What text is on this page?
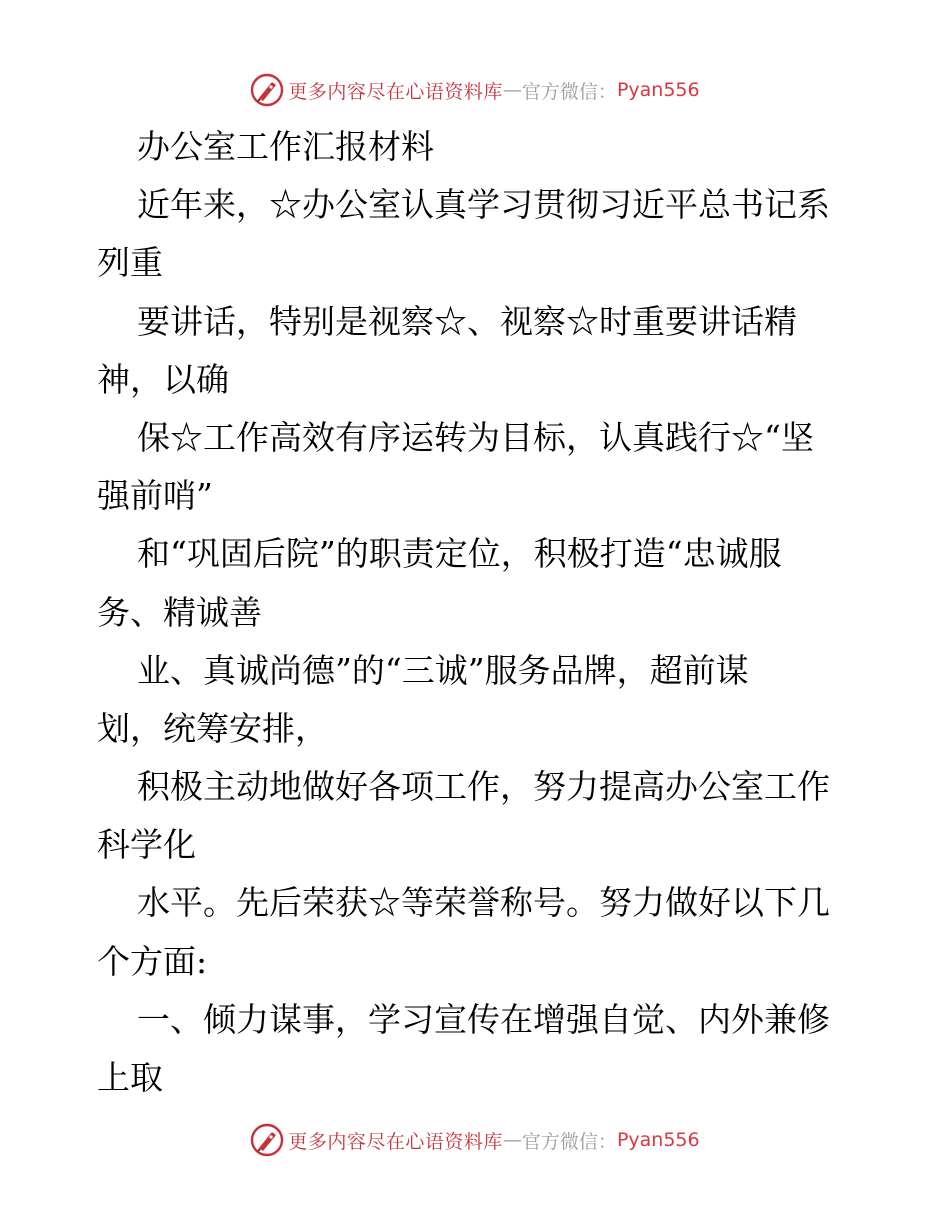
更多内容尽在心语资料库 — 官方微信： Pyan556
办公室工作汇报材料
近年来，☆办公室认真学习贯彻习近平总书记系
列重
要讲话，特别是视察☆、视察☆时重要讲话精
神，以确
保☆工作高效有序运转为目标，认真践行☆“坚
强前哨”
和“巩固后院”的职责定位，积极打造“忠诚服
务、精诚善
业、真诚尚德”的“三诚”服务品牌，超前谋
划，统筹安排，
积极主动地做好各项工作，努力提高办公室工作
科学化
水平。先后荣获☆等荣誉称号。努力做好以下几
个方面:
一、倾力谋事，学习宣传在增强自觉、内外兼修
上取
更多内容尽在心语资料库 — 官方微信： Pyan556
